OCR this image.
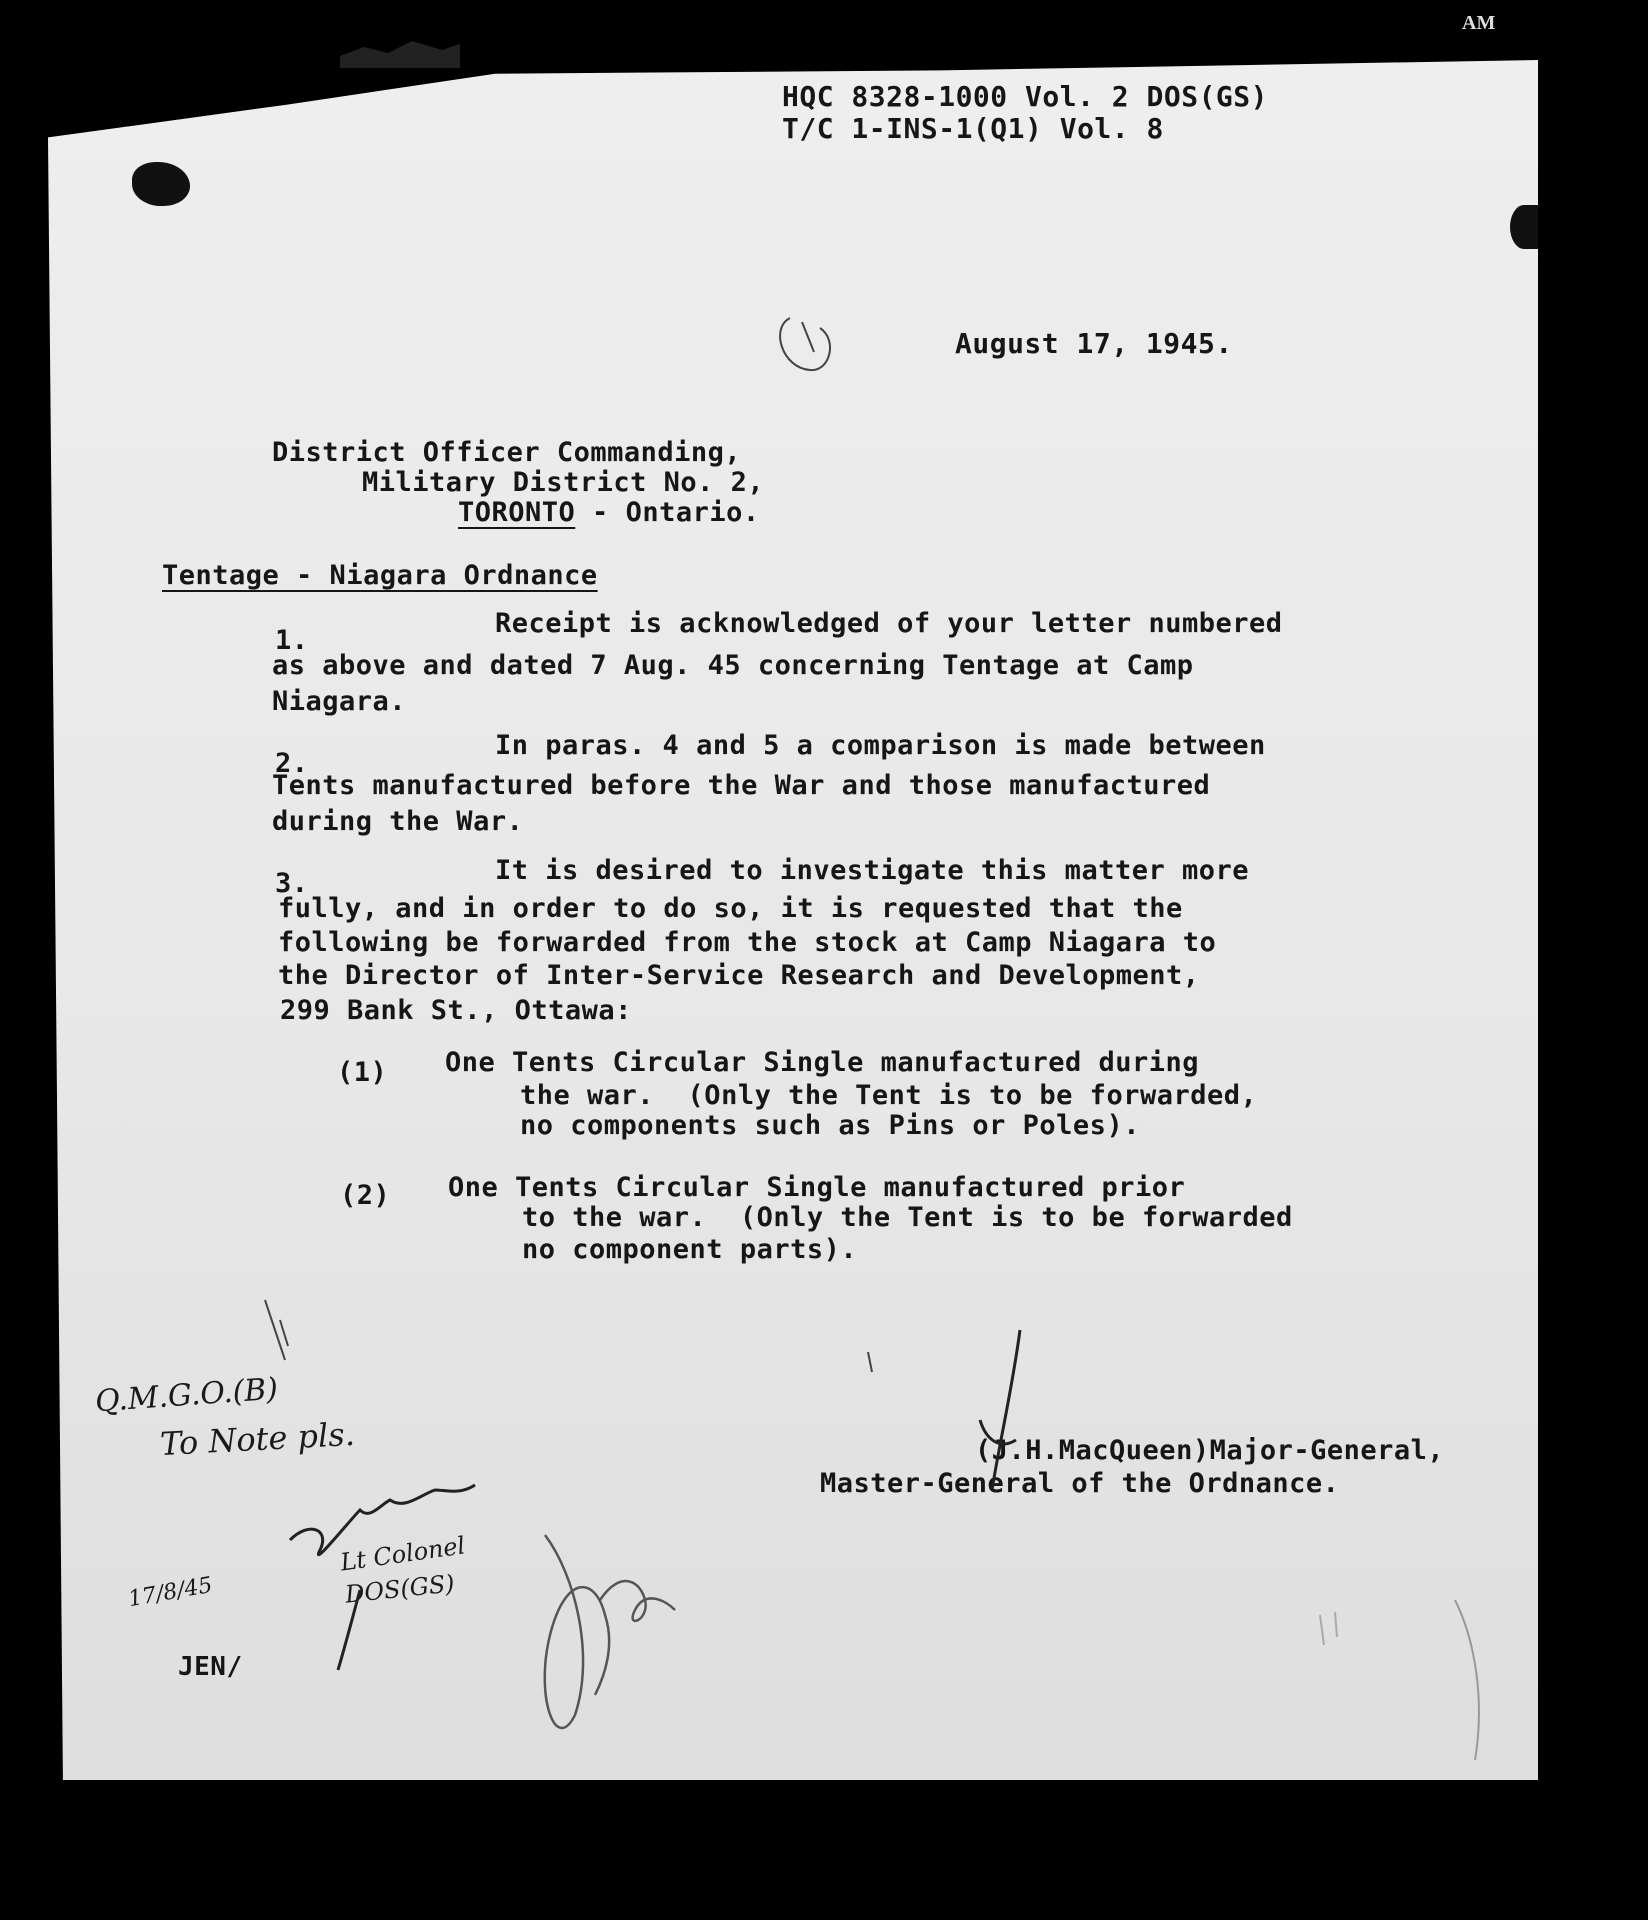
AM
HQC 8328-1000 Vol. 2 DOS(GS)
T/C 1-INS-1(Q1) Vol. 8
August 17, 1945.
District Officer Commanding,
Military District No. 2,
TORONTO - Ontario.
Tentage - Niagara Ordnance
1.
Receipt is acknowledged of your letter numbered
as above and dated 7 Aug. 45 concerning Tentage at Camp
Niagara.
2.
In paras. 4 and 5 a comparison is made between
Tents manufactured before the War and those manufactured
during the War.
3.	It is desired to investigate this matter more
fully, and in order to do so, it is requested that the
following be forwarded from the stock at Camp Niagara to
the Director of Inter-Service Research and Development,
299 Bank St., Ottawa:
(1) One Tents Circular Single manufactured during
the war.  (Only the Tent is to be forwarded,
no components such as Pins or Poles).
(2) One Tents Circular Single manufactured prior
to the war.  (Only the Tent is to be forwarded
no component parts).
(J.H.MacQueen)Major-General,
Master-General of the Ordnance.
Q.M.G.O.(B)
To Note pls.
Lt Colonel
DOS(GS)
17/8/45
JEN/
